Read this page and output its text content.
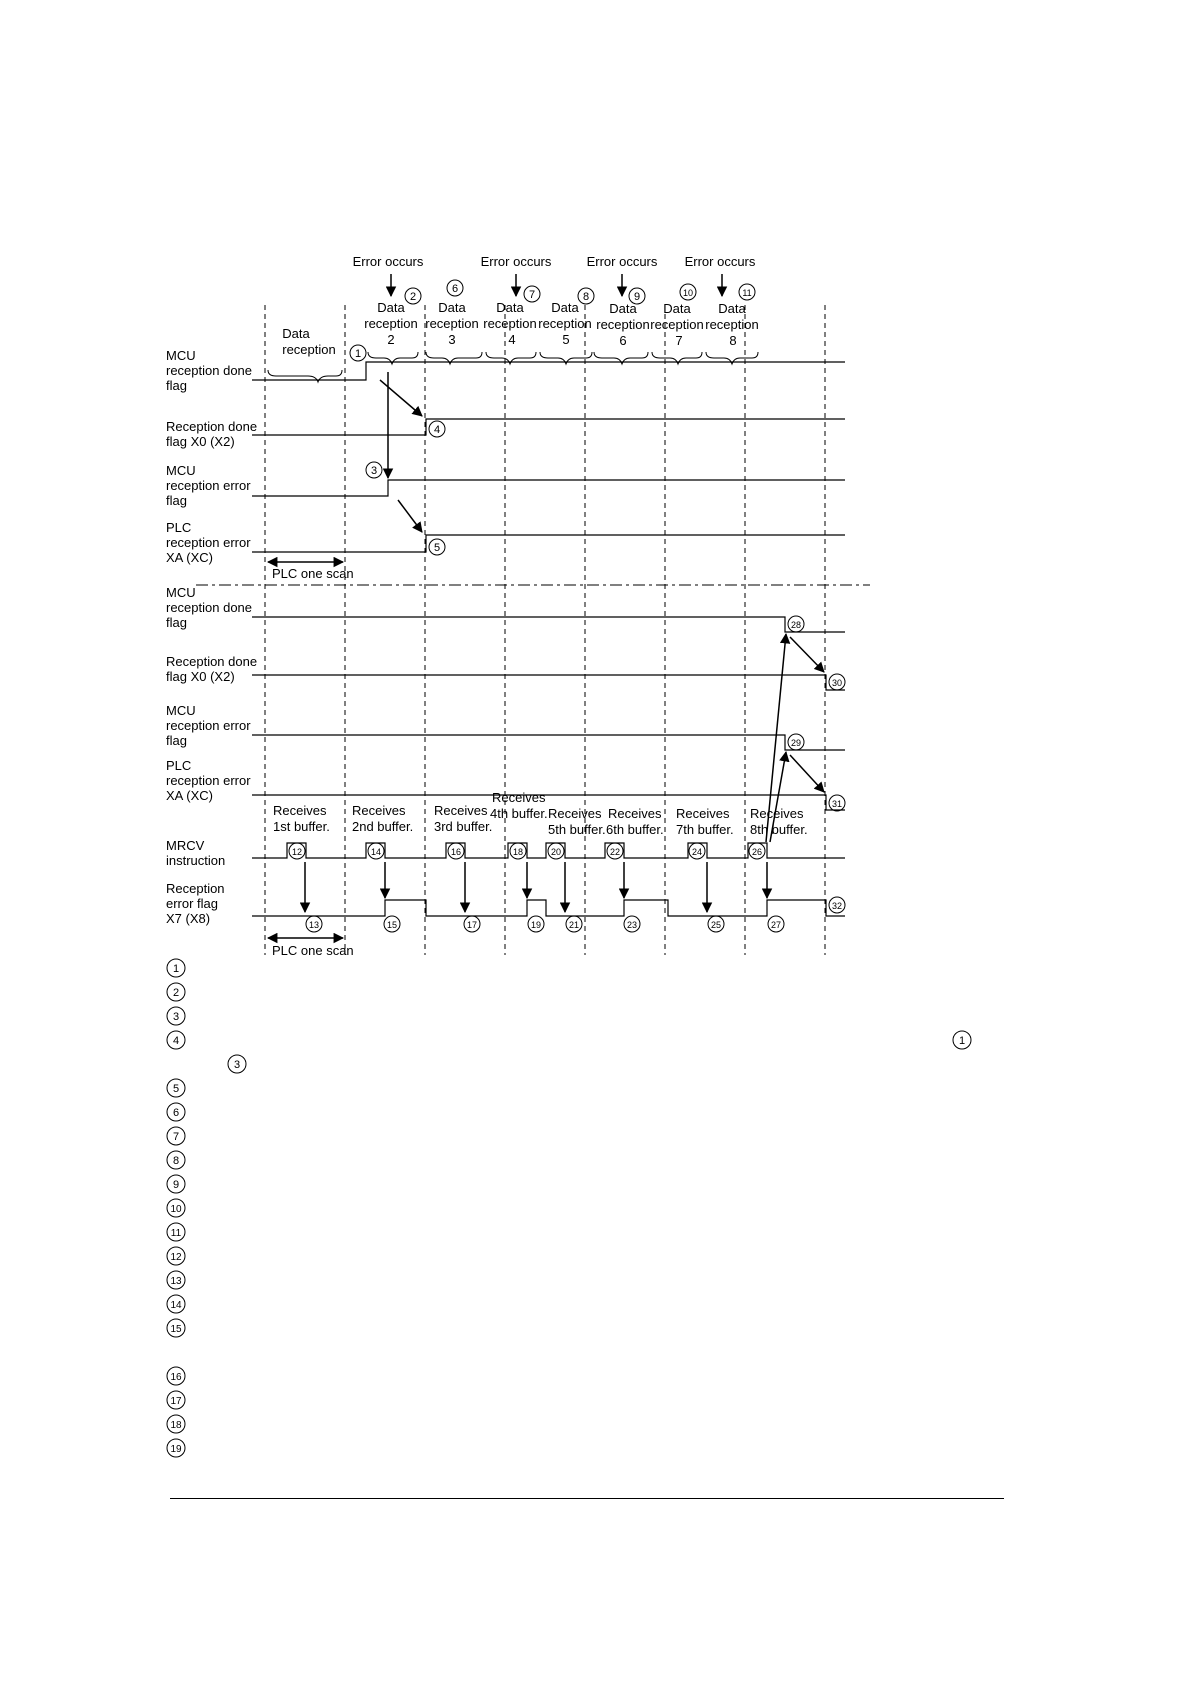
Error occurs	Error occurs	Error occurs Error occurs
Data
reception
Data
reception
2
Data
reception
3
Data
reception
4
Data
reception
5
Data
reception
6
Data
reception
7
Data
reception
8
MCU
reception done
flag
Reception done
flag X0 (X2)
MCU
reception error
flag
PLC
reception error
XA (XC)
PLC one scan
MCU
reception done
flag
Reception done
flag X0 (X2)
MCU
reception error
flag
PLC
reception error
XA (XC)
MRCV
instruction
Reception
error flag
X7 (X8)
Receives
1st buffer.
Receives
2nd buffer.
Receives
3rd buffer.
Receives
4th buffer. Receives
5th buffer.
Receives
6th buffer.
Receives
7th buffer.
Receives
8th buffer.
PLC one scan
1
2
3
4
5
6	7	8	9	10	11
12
13
14
15
16
17
18
19
20
21
22
23
24
25
26
27
28
29
30
31
32
1
2
3
4
3
1
5
6
7
8
9
10
11
12
13
14
15
16
17
18
19
